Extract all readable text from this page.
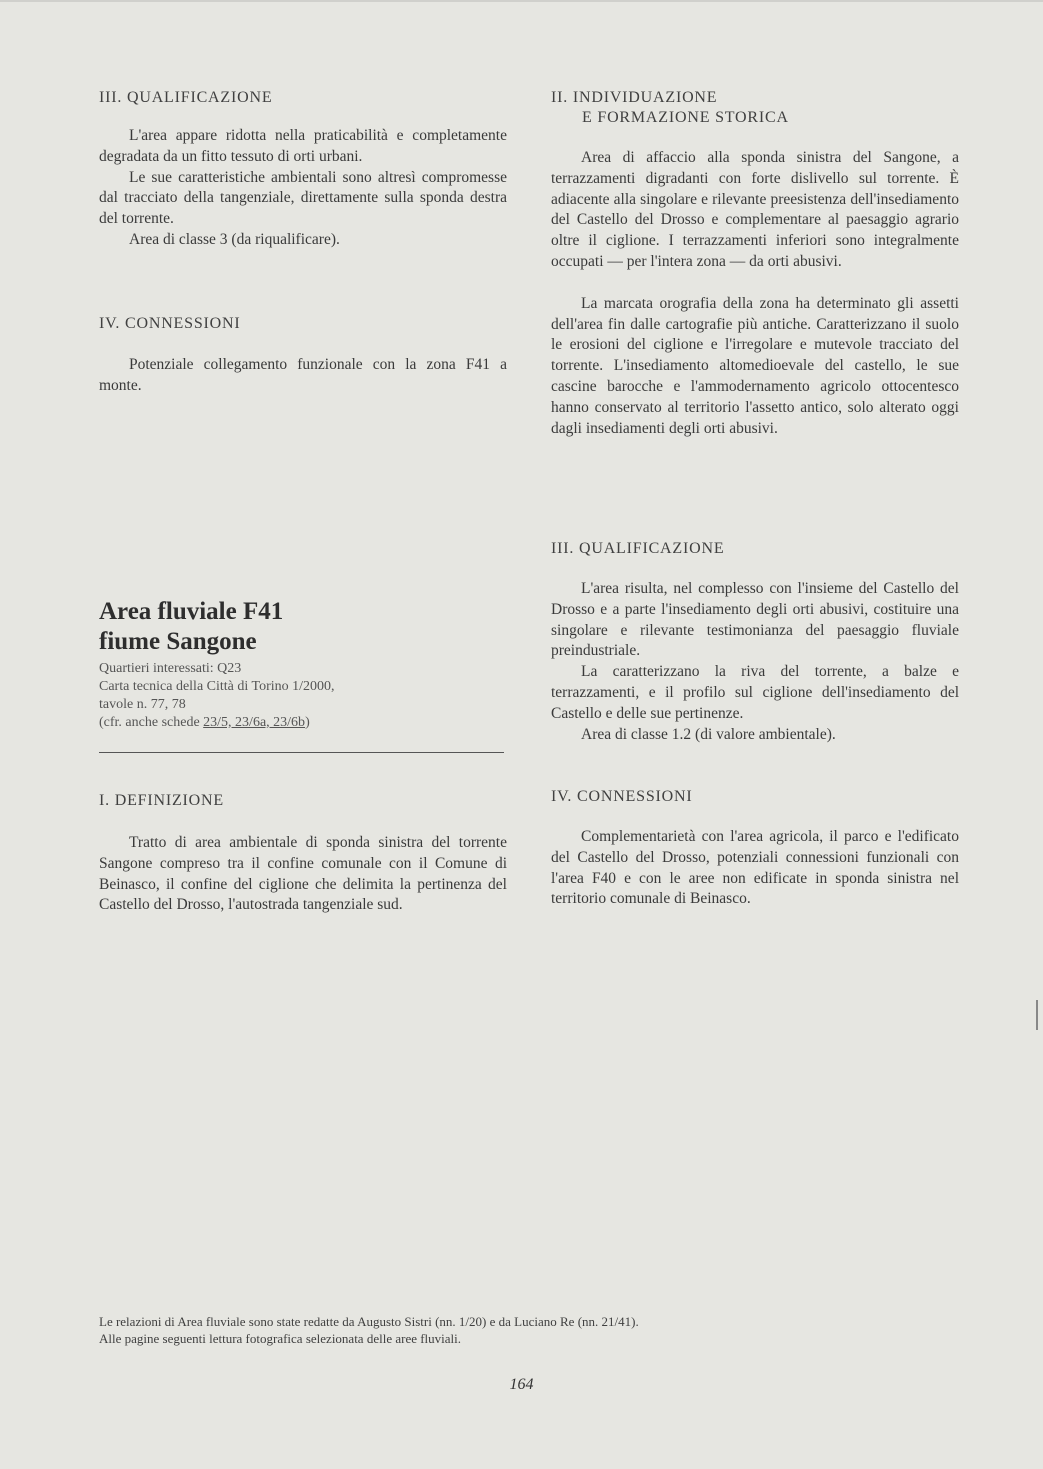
III. QUALIFICAZIONE

L'area appare ridotta nella praticabilità e completamente degradata da un fitto tessuto di orti urbani.

Le sue caratteristiche ambientali sono altresì compromesse dal tracciato della tangenziale, direttamente sulla sponda destra del torrente.

Area di classe 3 (da riqualificare).

IV. CONNESSIONI

Potenziale collegamento funzionale con la zona F41 a monte.

Area fluviale F41
fiume Sangone

Quartieri interessati: Q23

Carta tecnica della Città di Torino 1/2000,

tavole n. 77, 78

(cfr. anche schede 23/5, 23/6a, 23/6b)

I. DEFINIZIONE

Tratto di area ambientale di sponda sinistra del torrente Sangone compreso tra il confine comunale con il Comune di Beinasco, il confine del ciglione che delimita la pertinenza del Castello del Drosso, l'autostrada tangenziale sud.

II. INDIVIDUAZIONE
E FORMAZIONE STORICA

Area di affaccio alla sponda sinistra del Sangone, a terrazzamenti digradanti con forte dislivello sul torrente. È adiacente alla singolare e rilevante preesistenza dell'insediamento del Castello del Drosso e complementare al paesaggio agrario oltre il ciglione. I terrazzamenti inferiori sono integralmente occupati — per l'intera zona — da orti abusivi.

La marcata orografia della zona ha determinato gli assetti dell'area fin dalle cartografie più antiche. Caratterizzano il suolo le erosioni del ciglione e l'irregolare e mutevole tracciato del torrente. L'insediamento altomedioevale del castello, le sue cascine barocche e l'ammodernamento agricolo ottocentesco hanno conservato al territorio l'assetto antico, solo alterato oggi dagli insediamenti degli orti abusivi.

III. QUALIFICAZIONE

L'area risulta, nel complesso con l'insieme del Castello del Drosso e a parte l'insediamento degli orti abusivi, costituire una singolare e rilevante testimonianza del paesaggio fluviale preindustriale.

La caratterizzano la riva del torrente, a balze e terrazzamenti, e il profilo sul ciglione dell'insediamento del Castello e delle sue pertinenze.

Area di classe 1.2 (di valore ambientale).

IV. CONNESSIONI

Complementarietà con l'area agricola, il parco e l'edificato del Castello del Drosso, potenziali connessioni funzionali con l'area F40 e con le aree non edificate in sponda sinistra nel territorio comunale di Beinasco.

Le relazioni di Area fluviale sono state redatte da Augusto Sistri (nn. 1/20) e da Luciano Re (nn. 21/41).

Alle pagine seguenti lettura fotografica selezionata delle aree fluviali.

164
